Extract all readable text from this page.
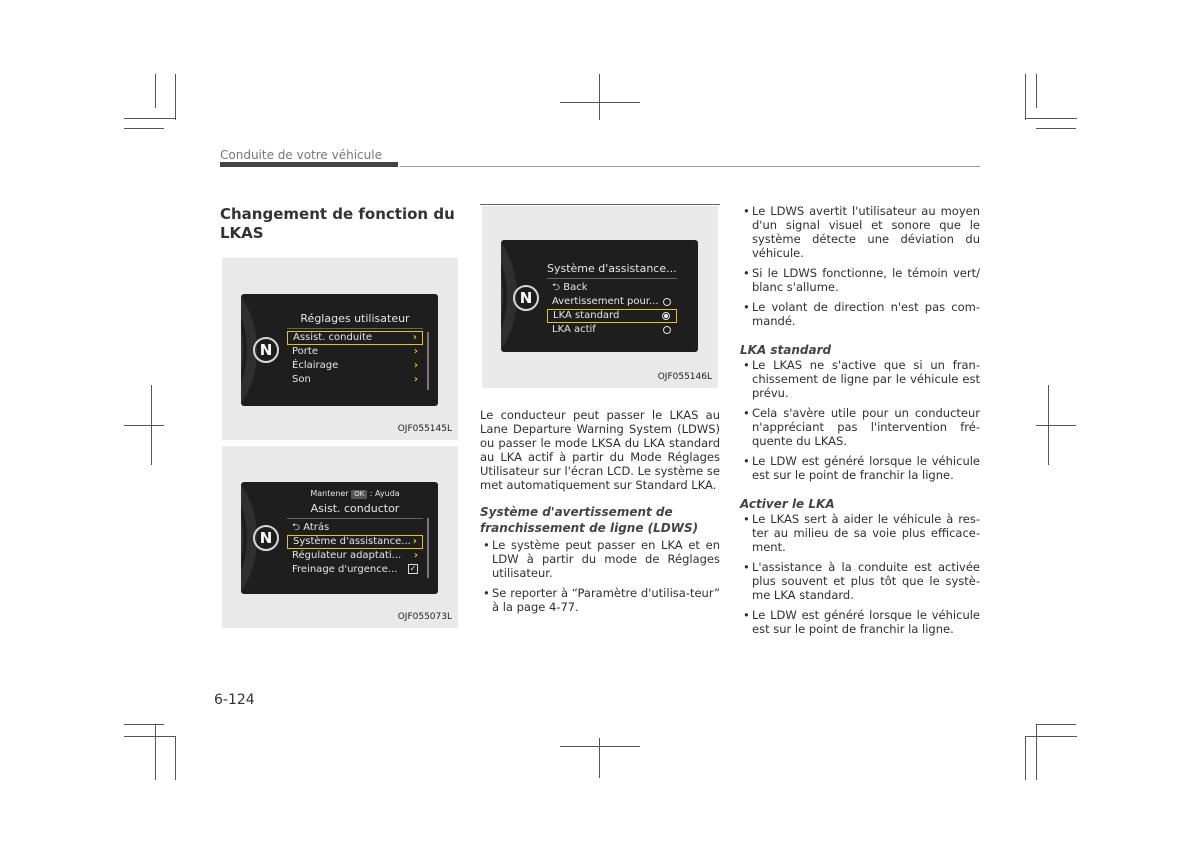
Conduite de votre véhicule
Changement de fonction du LKAS
N
Réglages utilisateur
Assist. conduite	›
Porte	›
Éclairage	›
Son	›
OJF055145L
N
Mantener OK : Ayuda
Asist. conductor
⮌ Atrás
Système d'assistance... ›
Régulateur adaptati... ›
Freinage d'urgence... ✓
OJF055073L
N
Système d'assistance...
⮌ Back
Avertissement pour...
LKA standard
LKA actif
OJF055146L
Le conducteur peut passer le LKAS au Lane Departure Warning System (LDWS) ou passer le mode LKSA du LKA standard au LKA actif à partir du Mode Réglages Utilisateur sur l'écran LCD. Le système se met automatiquement sur Standard LKA.
Système d'avertissement de franchissement de ligne (LDWS)
• Le système peut passer en LKA et en LDW à partir du mode de Réglages utilisateur.
• Se reporter à “Paramètre d'utilisa-teur” à la page 4-77.
• Le LDWS avertit l'utilisateur au moyen d'un signal visuel et sonore que le système détecte une déviation du véhicule.
• Si le LDWS fonctionne, le témoin vert/ blanc s'allume.
• Le volant de direction n'est pas com-mandé.
LKA standard
• Le LKAS ne s'active que si un fran-chissement de ligne par le véhicule est prévu.
• Cela s'avère utile pour un conducteur n'appréciant pas l'intervention fré-quente du LKAS.
• Le LDW est généré lorsque le véhicule est sur le point de franchir la ligne.
Activer le LKA
• Le LKAS sert à aider le véhicule à res-ter au milieu de sa voie plus efficace-ment.
• L'assistance à la conduite est activée plus souvent et plus tôt que le systè-me LKA standard.
• Le LDW est généré lorsque le véhicule est sur le point de franchir la ligne.
6-124
